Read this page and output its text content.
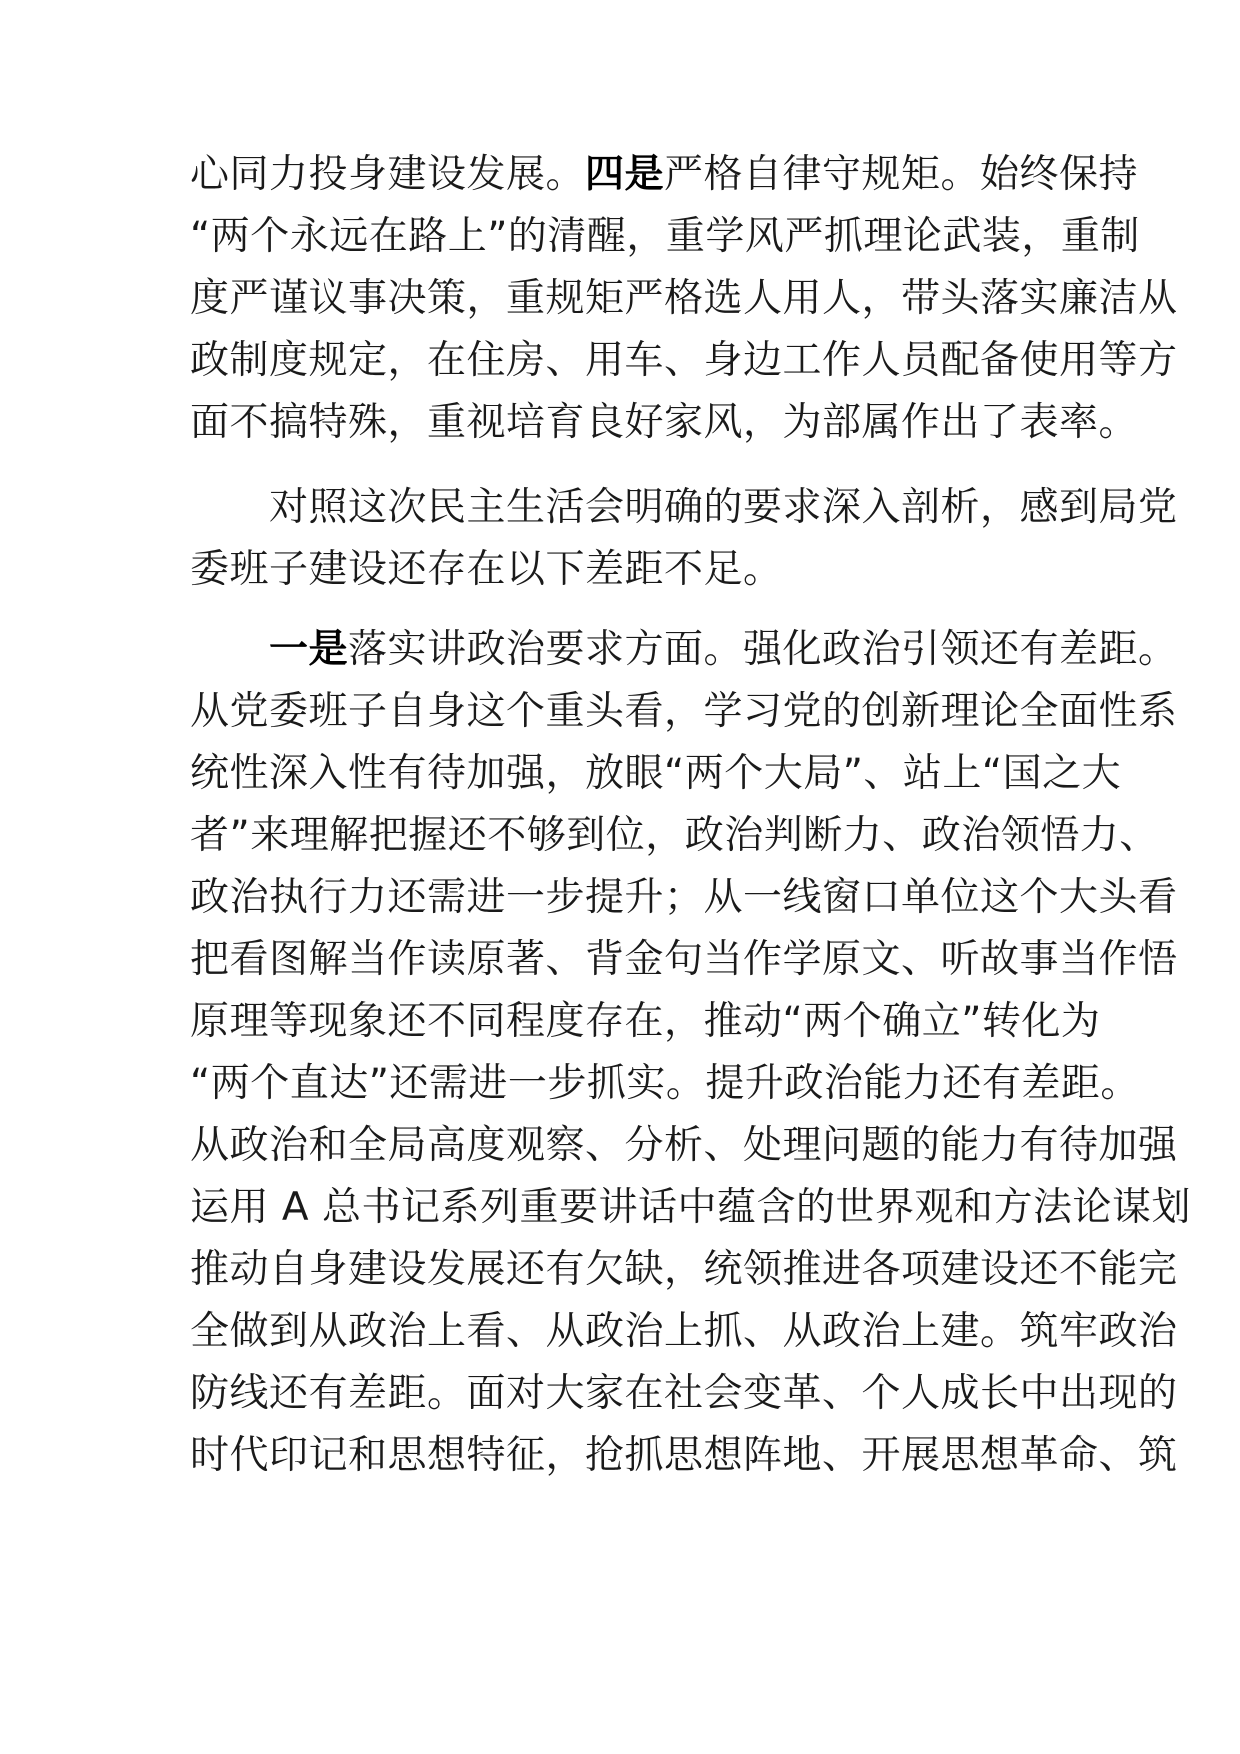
心同力投身建设发展。四是严格自律守规矩。始终保持
“两个永远在路上”的清醒，重学风严抓理论武装，重制
度严谨议事决策，重规矩严格选人用人，带头落实廉洁从
政制度规定，在住房、用车、身边工作人员配备使用等方
面不搞特殊，重视培育良好家风，为部属作出了表率。
　　对照这次民主生活会明确的要求深入剖析，感到局党
委班子建设还存在以下差距不足。
　　一是落实讲政治要求方面。强化政治引领还有差距。
从党委班子自身这个重头看，学习党的创新理论全面性系
统性深入性有待加强，放眼“两个大局”、站上“国之大
者”来理解把握还不够到位，政治判断力、政治领悟力、
政治执行力还需进一步提升；从一线窗口单位这个大头看
把看图解当作读原著、背金句当作学原文、听故事当作悟
原理等现象还不同程度存在，推动“两个确立”转化为
“两个直达”还需进一步抓实。提升政治能力还有差距。
从政治和全局高度观察、分析、处理问题的能力有待加强
运用 A 总书记系列重要讲话中蕴含的世界观和方法论谋划
推动自身建设发展还有欠缺，统领推进各项建设还不能完
全做到从政治上看、从政治上抓、从政治上建。筑牢政治
防线还有差距。面对大家在社会变革、个人成长中出现的
时代印记和思想特征，抢抓思想阵地、开展思想革命、筑
